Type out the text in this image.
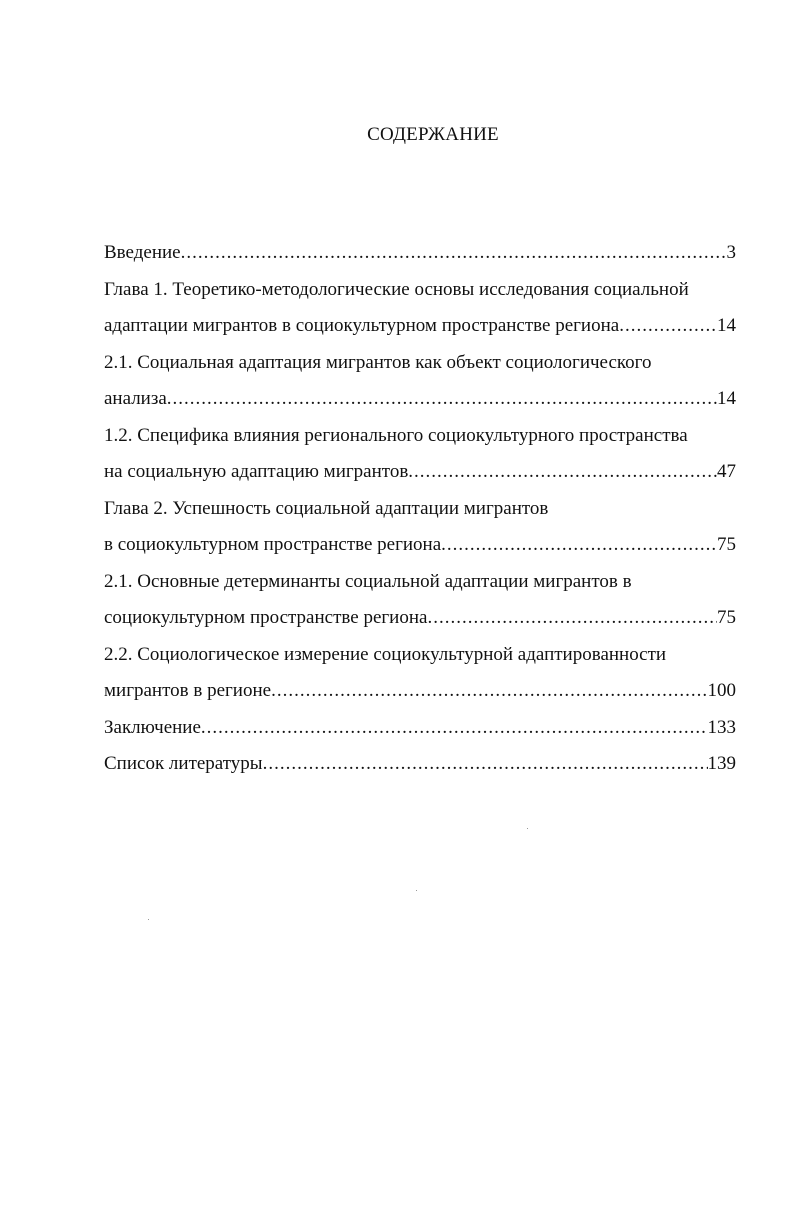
СОДЕРЖАНИЕ
Введение .....	3
Глава 1. Теоретико-методологические основы исследования социальной
адаптации мигрантов в социокультурном пространстве региона .....	14
2.1. Социальная адаптация мигрантов как объект социологического
анализа .....	14
1.2. Специфика влияния регионального социокультурного пространства
на социальную адаптацию мигрантов .....	47
Глава 2. Успешность социальной адаптации мигрантов
в социокультурном пространстве региона .....	75
2.1. Основные детерминанты социальной адаптации мигрантов в
социокультурном пространстве региона .....	75
2.2. Социологическое измерение социокультурной адаптированности
мигрантов в регионе .....	100
Заключение .....	133
Список литературы .....	139
